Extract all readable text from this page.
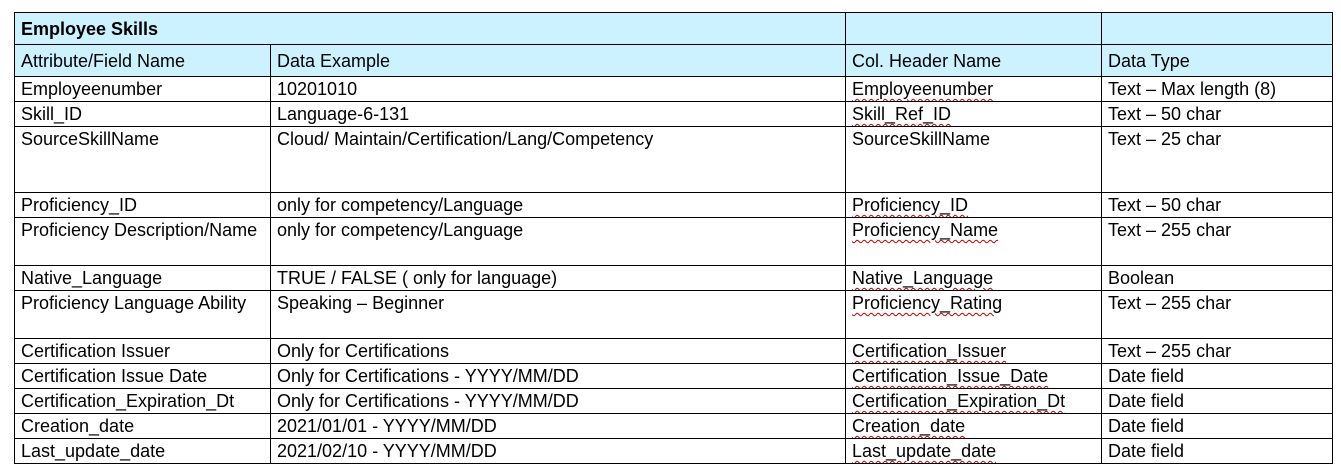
Employee Skills			
Attribute/Field Name	Data Example	Col. Header Name	Data Type
Employeenumber	10201010	Employeenumber	Text – Max length (8)
Skill_ID	Language-6-131	Skill_Ref_ID	Text – 50 char
SourceSkillName	Cloud/ Maintain/Certification/Lang/Competency	SourceSkillName	Text – 25 char
Proficiency_ID	only for competency/Language	Proficiency_ID	Text – 50 char
Proficiency Description/Name	only for competency/Language	Proficiency_Name	Text – 255 char
Native_Language	TRUE / FALSE ( only for language)	Native_Language	Boolean
Proficiency Language Ability	Speaking – Beginner	Proficiency_Rating	Text – 255 char
Certification Issuer	Only for Certifications	Certification_Issuer	Text – 255 char
Certification Issue Date	Only for Certifications - YYYY/MM/DD	Certification_Issue_Date	Date field
Certification_Expiration_Dt	Only for Certifications - YYYY/MM/DD	Certification_Expiration_Dt	Date field
Creation_date	2021/01/01 - YYYY/MM/DD	Creation_date	Date field
Last_update_date	2021/02/10 - YYYY/MM/DD	Last_update_date	Date field
